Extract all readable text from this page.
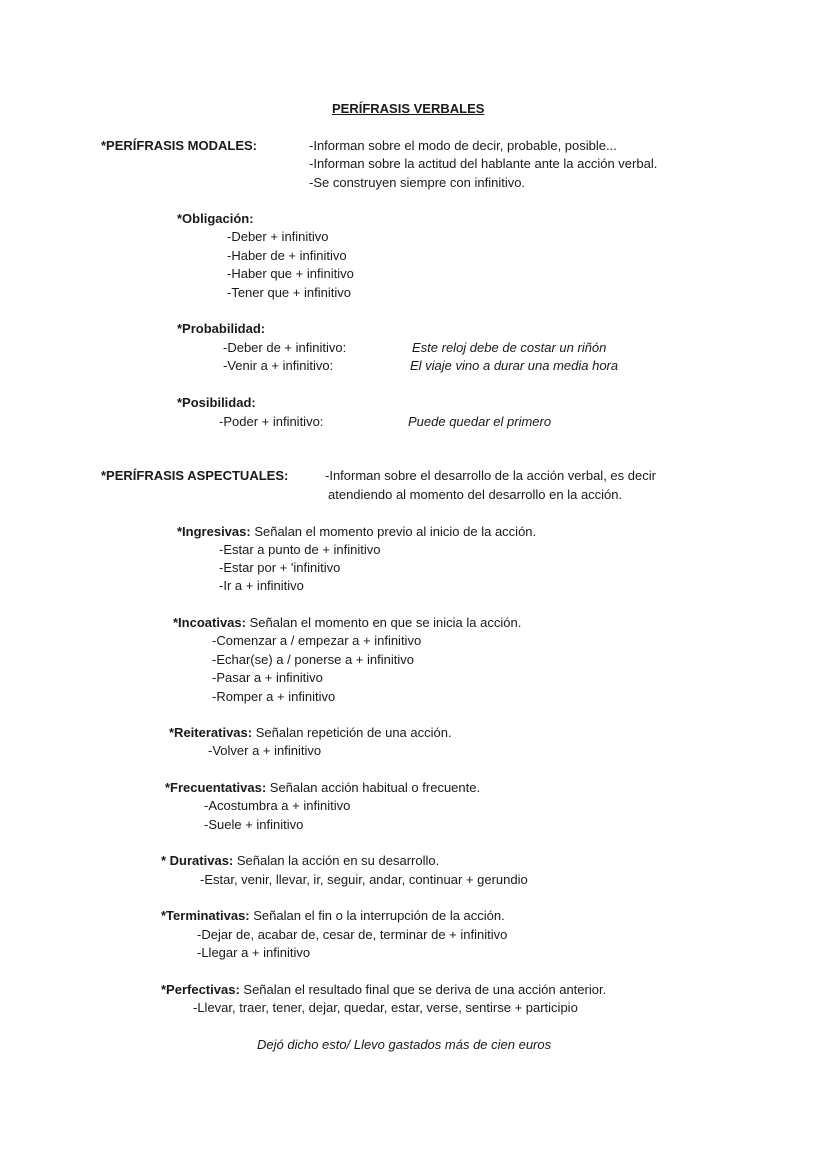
PERÍFRASIS VERBALES
*PERÍFRASIS MODALES:	-Informan sobre el modo de decir, probable, posible...
-Informan sobre la actitud del hablante ante la acción verbal.
-Se construyen siempre con infinitivo.
*Obligación:
-Deber + infinitivo
-Haber de + infinitivo
-Haber que + infinitivo
-Tener que + infinitivo
*Probabilidad:
-Deber de + infinitivo:	Este reloj debe de costar un riñón
-Venir a + infinitivo:	El viaje vino a durar una media hora
*Posibilidad:
-Poder + infinitivo:	Puede quedar el primero
*PERÍFRASIS ASPECTUALES:	-Informan sobre el desarrollo de la acción verbal, es decir
atendiendo al momento del desarrollo en la acción.
*Ingresivas: Señalan el momento previo al inicio de la acción.
-Estar a punto de + infinitivo
-Estar por + 'infinitivo
-Ir a + infinitivo
*Incoativas: Señalan el momento en que se inicia la acción.
-Comenzar a / empezar a + infinitivo
-Echar(se) a / ponerse a + infinitivo
-Pasar a + infinitivo
-Romper a + infinitivo
*Reiterativas: Señalan repetición de una acción.
-Volver a + infinitivo
*Frecuentativas: Señalan acción habitual o frecuente.
-Acostumbra a + infinitivo
-Suele + infinitivo
* Durativas: Señalan la acción en su desarrollo.
-Estar, venir, llevar, ir, seguir, andar, continuar + gerundio
*Terminativas: Señalan el fin o la interrupción de la acción.
-Dejar de, acabar de, cesar de, terminar de + infinitivo
-Llegar a + infinitivo
*Perfectivas: Señalan el resultado final que se deriva de una acción anterior.
-Llevar, traer, tener, dejar, quedar, estar, verse, sentirse + participio
Dejó dicho esto/ Llevo gastados más de cien euros
